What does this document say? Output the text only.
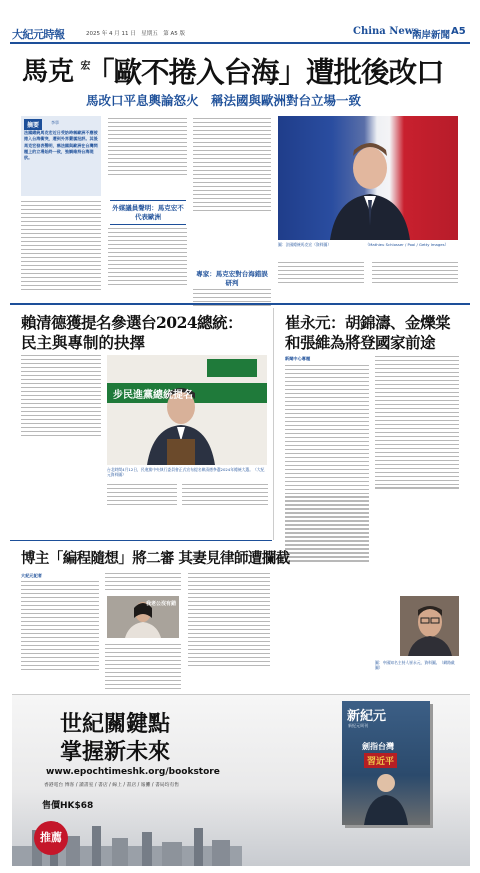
大紀元時報	2025 年 4 月 11 日　星期五　第 A5 版	China News
兩岸新聞 A5
馬克 宏
「歐不捲入台海」遭批後改口
馬改口平息輿論怒火　稱法國與歐洲對台立場一致
摘要	李寧
法國總統馬克宏近日受訪時稱歐洲不應被捲入台海衝突，遭到外界嚴厲批評。其後馬克宏發表聲明，稱法國與歐洲在台灣問題上的立場始終一致，強調維持台海現狀。
外媒議員聲明：馬克宏不代表歐洲
專家：馬克宏對台海錯誤研判
圖：法國總統馬克宏（資料圖）　　　　　　　　　　（Mathieu Schlosser / Pool / Getty Images）
賴清德獲提名參選台2024總統：
民主與專制的抉擇
步民進黨總統提名
台北時間4月12日，民進黨中央執行委員會正式宣布提名賴清德參選2024年總統大選。（大紀元資料圖）
崔永元：胡錦濤、金爍棠
和張維為將登國家前途
新聞中心專題
圖：中國知名主持人崔永元，資料圖。（網路截圖）
博主「編程隨想」將二審 其妻見律師遭攔截
大紀元記者
我老公沒有錯
世紀關鍵點
掌握新未來
www.epochtimeshk.org/bookstore
香港電台 博客 / 讀書室 / 書店 / 線上 / 書店 / 報攤 / 書局均有售
售價HK$68
推薦
新紀元
新紀元周刊
劍指台灣
習近平
